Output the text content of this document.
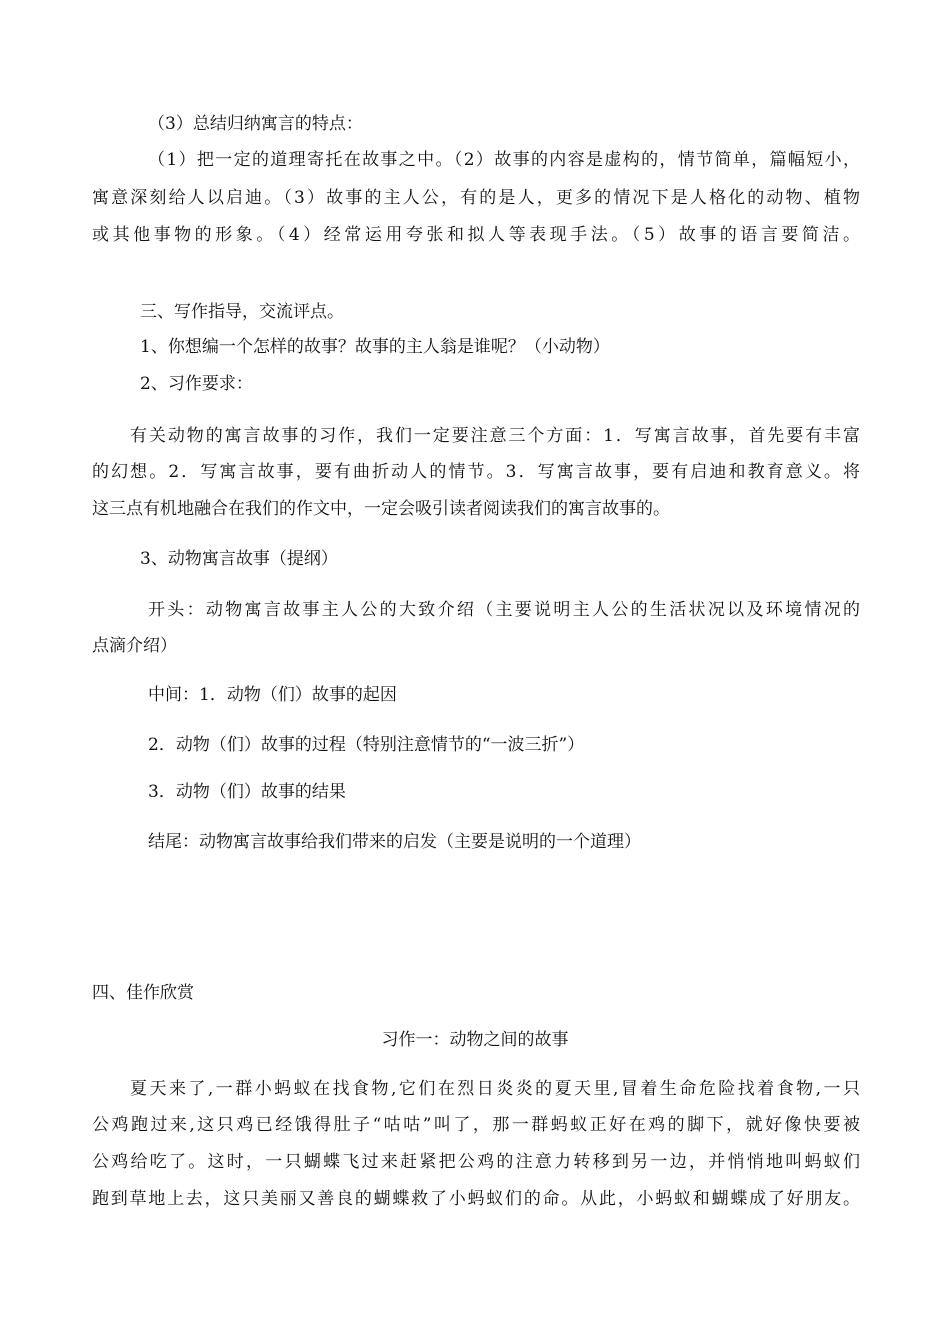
（3）总结归纳寓言的特点：

（1）把一定的道理寄托在故事之中。（2）故事的内容是虚构的，情节简单，篇幅短小，

寓意深刻给人以启迪。（3）故事的主人公，有的是人，更多的情况下是人格化的动物、植物

或其他事物的形象。（4）经常运用夸张和拟人等表现手法。（5）故事的语言要简洁。

三、写作指导，交流评点。

1、你想编一个怎样的故事？故事的主人翁是谁呢？（小动物）

2、习作要求：

有关动物的寓言故事的习作，我们一定要注意三个方面：1．写寓言故事，首先要有丰富

的幻想。2．写寓言故事，要有曲折动人的情节。3．写寓言故事，要有启迪和教育意义。将

这三点有机地融合在我们的作文中，一定会吸引读者阅读我们的寓言故事的。

3、动物寓言故事（提纲）

开头：动物寓言故事主人公的大致介绍（主要说明主人公的生活状况以及环境情况的

点滴介绍）

中间：1．动物（们）故事的起因

2．动物（们）故事的过程（特别注意情节的“一波三折”）

3．动物（们）故事的结果

结尾：动物寓言故事给我们带来的启发（主要是说明的一个道理）

四、佳作欣赏

习作一：动物之间的故事

夏天来了,一群小蚂蚁在找食物,它们在烈日炎炎的夏天里,冒着生命危险找着食物,一只

公鸡跑过来,这只鸡已经饿得肚子“咕咕”叫了，那一群蚂蚁正好在鸡的脚下，就好像快要被

公鸡给吃了。这时，一只蝴蝶飞过来赶紧把公鸡的注意力转移到另一边，并悄悄地叫蚂蚁们

跑到草地上去，这只美丽又善良的蝴蝶救了小蚂蚁们的命。从此，小蚂蚁和蝴蝶成了好朋友。
